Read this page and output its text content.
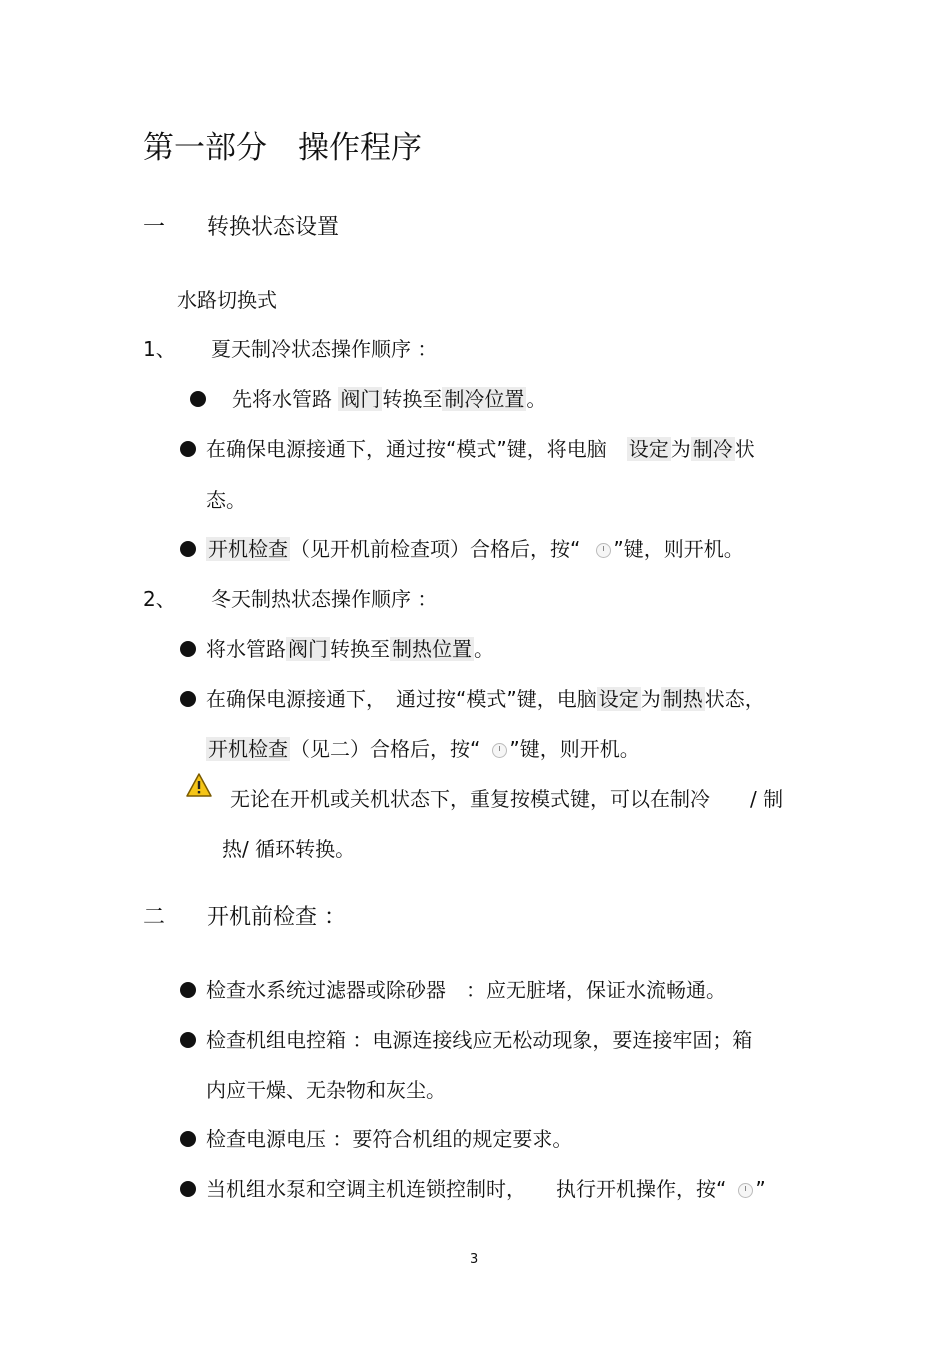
第一部分　操作程序
一 转换状态设置
水路切换式
1、 夏天制冷状态操作顺序 ：
先将水管路 阀门 转换至 制冷位置 。
在确保电源接通下，通过按“模式”键，将电脑 设定 为 制冷 状
态。
开机检查 （见开机前检查项）合格后，按“ ”键，则开机。
2、 冬天制热状态操作顺序 ：
将水管路 阀门 转换至 制热位置 。
在确保电源接通下，　通过按“模式”键，电脑 设定 为 制热 状态，
开机检查 （见二）合格后，按“ ”键，则开机。
无论在开机或关机状态下，重复按模式键，可以在制冷　　/ 制
热/ 循环转换。
二 开机前检查 ：
检查水系统过滤器或除砂器　：应无脏堵，保证水流畅通。
检查机组电控箱 ：电源连接线应无松动现象，要连接牢固；箱
内应干燥、无杂物和灰尘。
检查电源电压 ：要符合机组的规定要求。
当机组水泵和空调主机连锁控制时，　　执行开机操作，按“ ”
3
